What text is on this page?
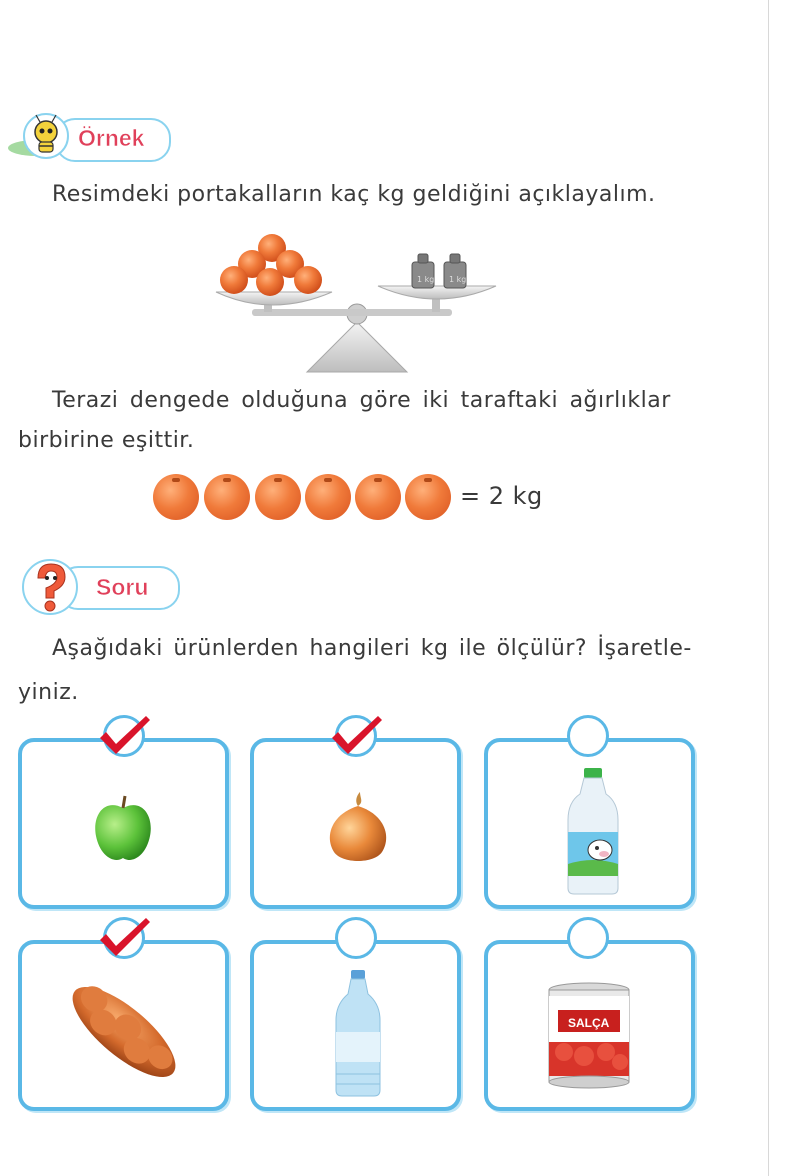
Örnek
Resimdeki portakalların kaç kg geldiğini açıklayalım.
1 kg 1 kg
Terazi dengede olduğuna göre iki taraftaki ağırlıklar
birbirine eşittir.
= 2 kg
Soru
Aşağıdaki ürünlerden hangileri kg ile ölçülür? İşaretle-
yiniz.
SALÇA
